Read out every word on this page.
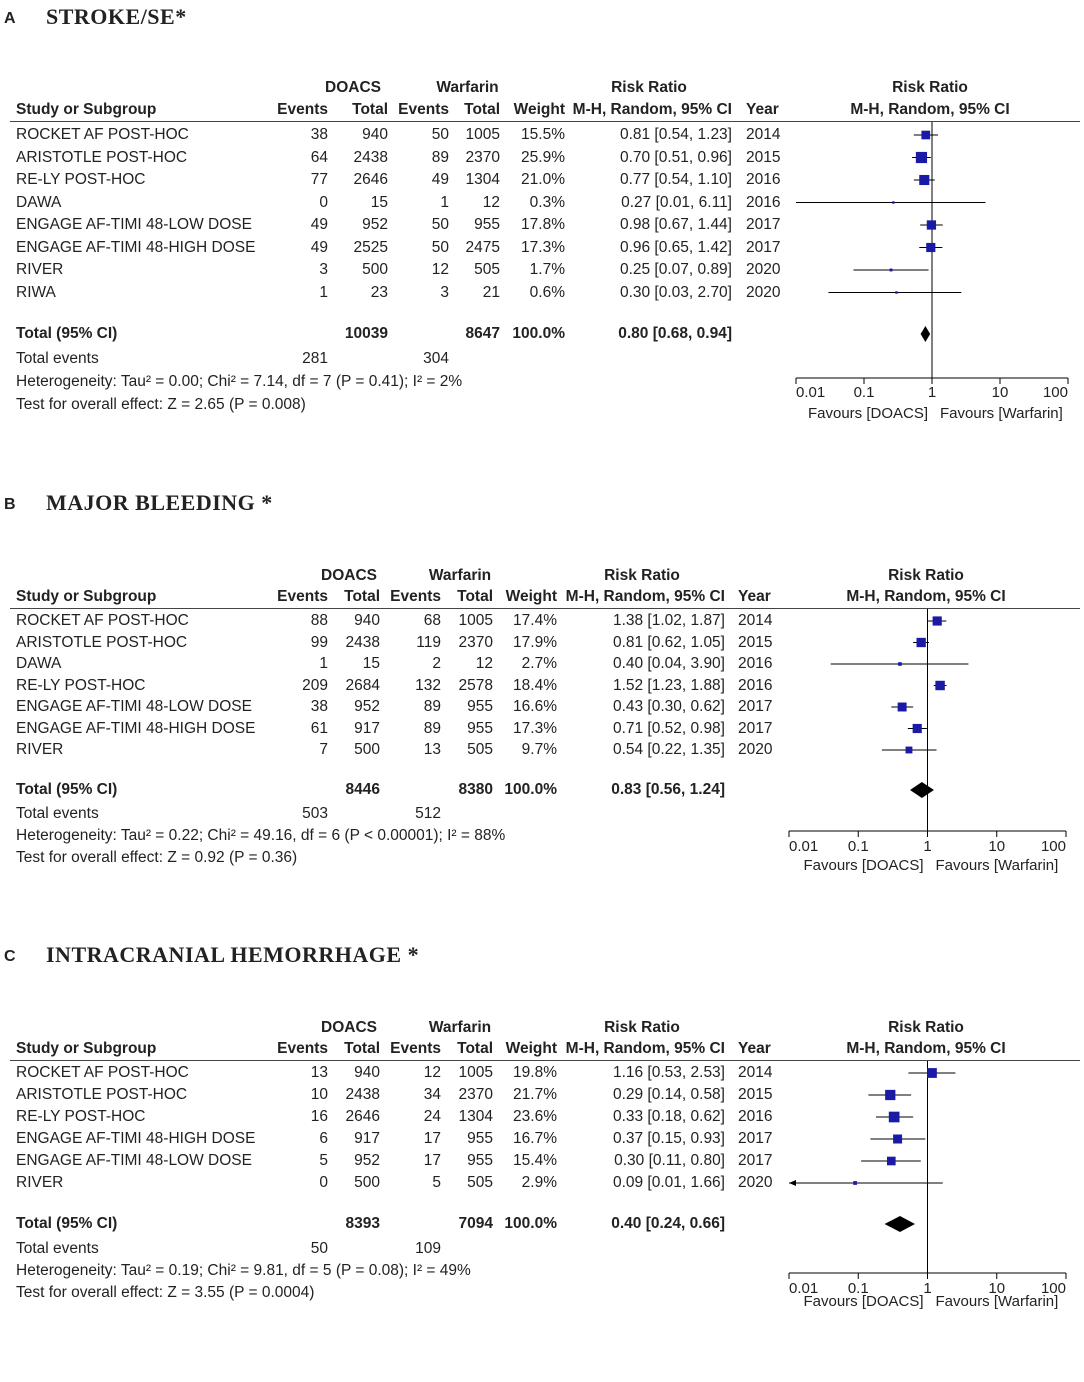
A STROKE/SE*
DOACS	Warfarin	Risk Ratio	Risk Ratio
Study or Subgroup	Events Total Events Total Weight M-H, Random, 95% CI Year	M-H, Random, 95% CI
ROCKET AF POST-HOC	38 940	50 1005 15.5%	0.81 [0.54, 1.23] 2014
ARISTOTLE POST-HOC	64 2438	89 2370 25.9%	0.70 [0.51, 0.96] 2015
RE-LY POST-HOC	77 2646	49 1304 21.0%	0.77 [0.54, 1.10] 2016
DAWA	0	15	1 12 0.3%	0.27 [0.01, 6.11] 2016
ENGAGE AF-TIMI 48-LOW DOSE	49 952	50 955 17.8%	0.98 [0.67, 1.44] 2017
ENGAGE AF-TIMI 48-HIGH DOSE	49 2525	50 2475 17.3%	0.96 [0.65, 1.42] 2017
RIVER	3 500	12 505 1.7%	0.25 [0.07, 0.89] 2020
RIWA	1	23	3 21 0.6%	0.30 [0.03, 2.70] 2020
Total (95% CI)	10039	8647 100.0%	0.80 [0.68, 0.94]
Total events	281	304
Heterogeneity: Tau² = 0.00; Chi² = 7.14, df = 7 (P = 0.41); I² = 2%
Test for overall effect: Z = 2.65 (P = 0.008)
0.01 0.1	1	10 100
Favours [DOACS] Favours [Warfarin]
B MAJOR BLEEDING *
DOACS	Warfarin	Risk Ratio	Risk Ratio
Study or Subgroup	Events Total Events Total Weight M-H, Random, 95% CI Year	M-H, Random, 95% CI
ROCKET AF POST-HOC	88 940	68 1005 17.4%	1.38 [1.02, 1.87] 2014
ARISTOTLE POST-HOC	99 2438 119 2370 17.9%	0.81 [0.62, 1.05] 2015
DAWA	1 15	2 12 2.7%	0.40 [0.04, 3.90] 2016
RE-LY POST-HOC	209 2684 132 2578 18.4%	1.52 [1.23, 1.88] 2016
ENGAGE AF-TIMI 48-LOW DOSE	38 952	89 955 16.6%	0.43 [0.30, 0.62] 2017
ENGAGE AF-TIMI 48-HIGH DOSE	61 917	89 955 17.3%	0.71 [0.52, 0.98] 2017
RIVER	7 500	13 505 9.7%	0.54 [0.22, 1.35] 2020
Total (95% CI)	8446	8380 100.0%	0.83 [0.56, 1.24]
Total events	503	512
Heterogeneity: Tau² = 0.22; Chi² = 49.16, df = 6 (P < 0.00001); I² = 88%
Test for overall effect: Z = 0.92 (P = 0.36)
0.01 0.1	1	10 100
Favours [DOACS] Favours [Warfarin]
C INTRACRANIAL HEMORRHAGE *
DOACS	Warfarin	Risk Ratio	Risk Ratio
Study or Subgroup	Events Total Events Total Weight M-H, Random, 95% CI Year	M-H, Random, 95% CI
ROCKET AF POST-HOC	13 940	12 1005 19.8%	1.16 [0.53, 2.53] 2014
ARISTOTLE POST-HOC	10 2438	34 2370 21.7%	0.29 [0.14, 0.58] 2015
RE-LY POST-HOC	16 2646	24 1304 23.6%	0.33 [0.18, 0.62] 2016
ENGAGE AF-TIMI 48-HIGH DOSE	6 917	17 955 16.7%	0.37 [0.15, 0.93] 2017
ENGAGE AF-TIMI 48-LOW DOSE	5 952	17 955 15.4%	0.30 [0.11, 0.80] 2017
RIVER	0 500	5 505 2.9%	0.09 [0.01, 1.66] 2020
Total (95% CI)	8393	7094 100.0%	0.40 [0.24, 0.66]
Total events	50	109
Heterogeneity: Tau² = 0.19; Chi² = 9.81, df = 5 (P = 0.08); I² = 49%
Test for overall effect: Z = 3.55 (P = 0.0004)	0.01 0.1	1	10 100
Favours [DOACS] Favours [Warfarin]
